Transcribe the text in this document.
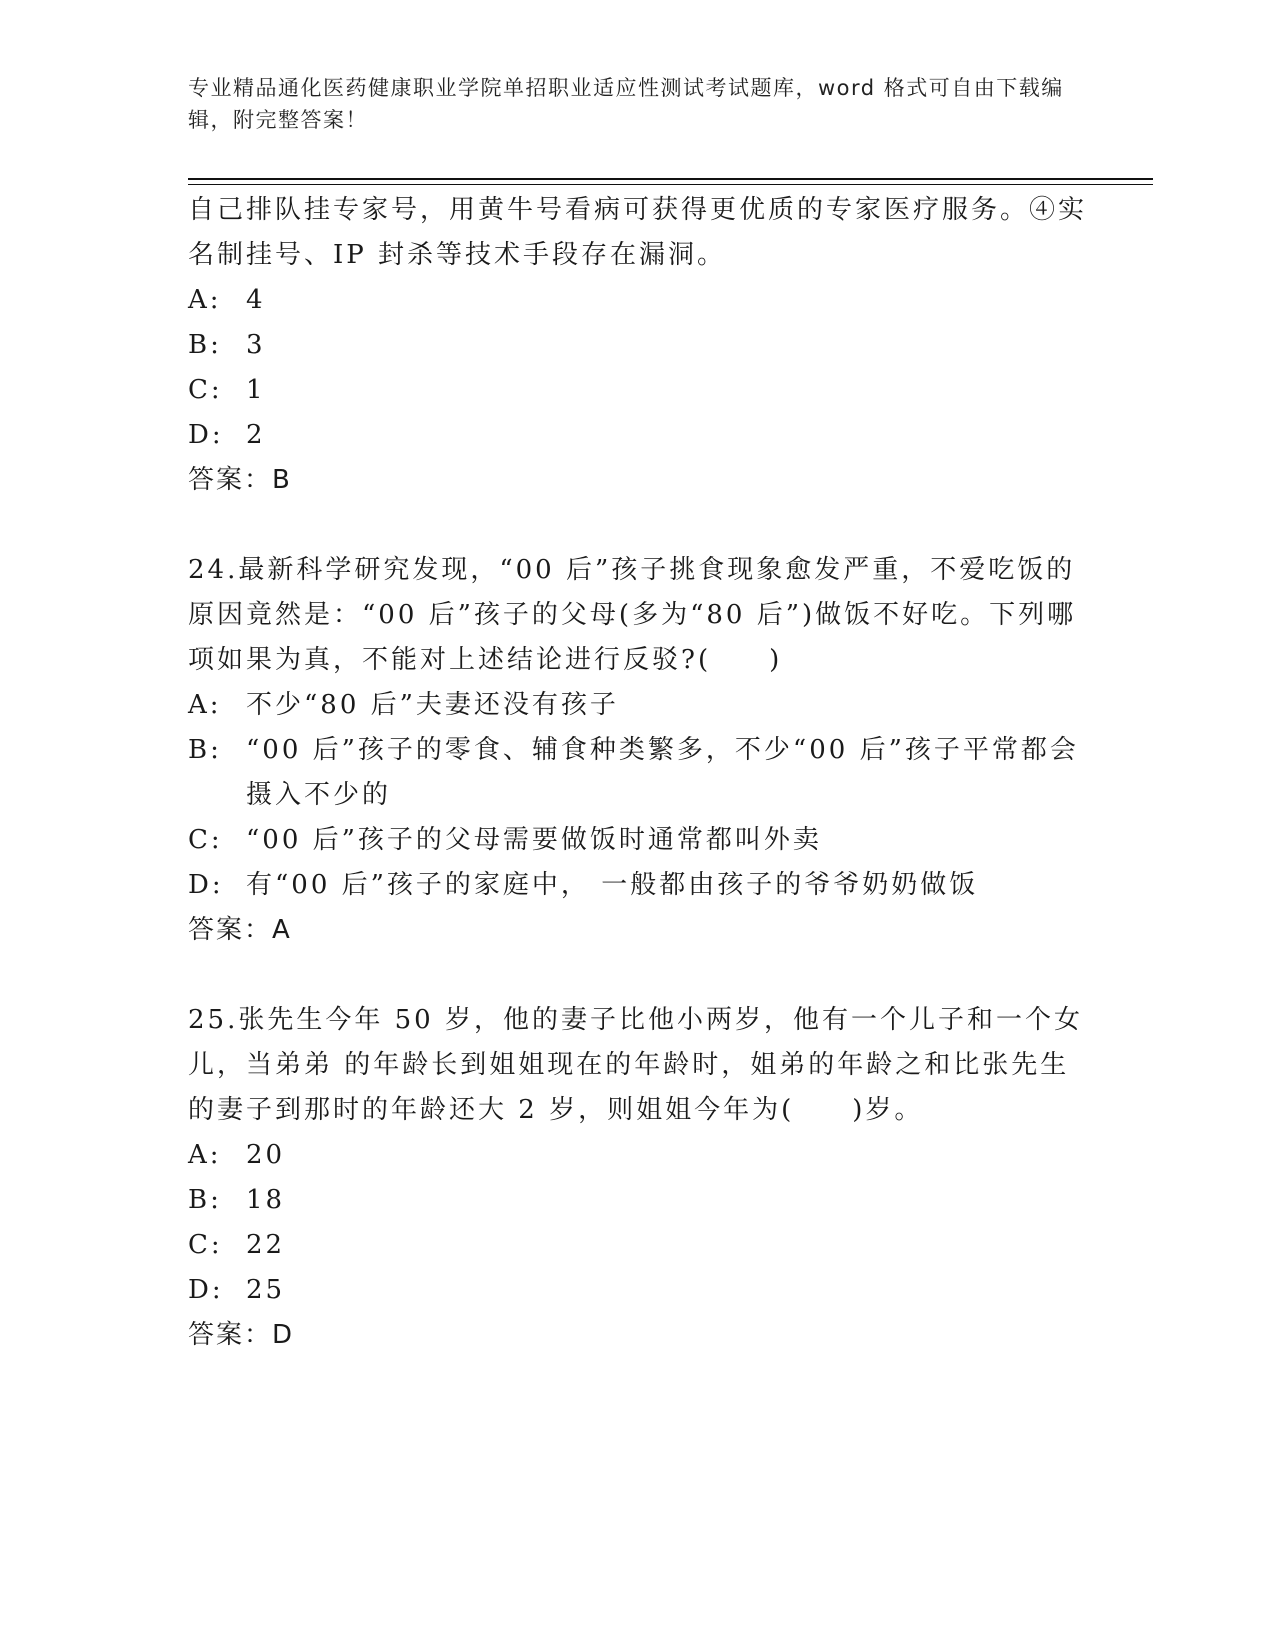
专业精品通化医药健康职业学院单招职业适应性测试考试题库，word 格式可自由下载编辑，附完整答案！

自己排队挂专家号，用黄牛号看病可获得更优质的专家医疗服务。④实名制挂号、IP 封杀等技术手段存在漏洞。

A: 4
B: 3
C: 1
D: 2

答案：B

24.最新科学研究发现，“00 后”孩子挑食现象愈发严重，不爱吃饭的原因竟然是：“00 后”孩子的父母(多为“80 后”)做饭不好吃。下列哪项如果为真，不能对上述结论进行反驳?(　　)

A: 不少“80 后”夫妻还没有孩子
B: “00 后”孩子的零食、辅食种类繁多，不少“00 后”孩子平常都会摄入不少的
C: “00 后”孩子的父母需要做饭时通常都叫外卖
D: 有“00 后”孩子的家庭中， 一般都由孩子的爷爷奶奶做饭

答案：A

25.张先生今年 50 岁，他的妻子比他小两岁，他有一个儿子和一个女儿，当弟弟 的年龄长到姐姐现在的年龄时，姐弟的年龄之和比张先生的妻子到那时的年龄还大 2 岁，则姐姐今年为(　　)岁。

A: 20
B: 18
C: 22
D: 25

答案：D
